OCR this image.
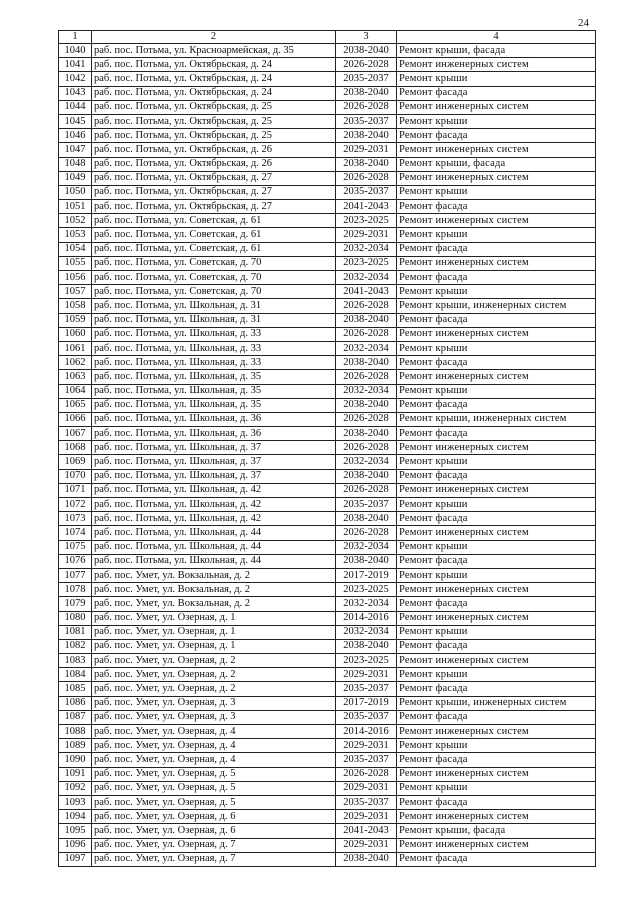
24
1	2	3	4
1040	раб. пос. Потьма, ул. Красноармейская, д. 35	2038-2040	Ремонт крыши, фасада
1041	раб. пос. Потьма, ул. Октябрьская, д. 24	2026-2028	Ремонт инженерных систем
1042	раб. пос. Потьма, ул. Октябрьская, д. 24	2035-2037	Ремонт крыши
1043	раб. пос. Потьма, ул. Октябрьская, д. 24	2038-2040	Ремонт фасада
1044	раб. пос. Потьма, ул. Октябрьская, д. 25	2026-2028	Ремонт инженерных систем
1045	раб. пос. Потьма, ул. Октябрьская, д. 25	2035-2037	Ремонт крыши
1046	раб. пос. Потьма, ул. Октябрьская, д. 25	2038-2040	Ремонт фасада
1047	раб. пос. Потьма, ул. Октябрьская, д. 26	2029-2031	Ремонт инженерных систем
1048	раб. пос. Потьма, ул. Октябрьская, д. 26	2038-2040	Ремонт крыши, фасада
1049	раб. пос. Потьма, ул. Октябрьская, д. 27	2026-2028	Ремонт инженерных систем
1050	раб. пос. Потьма, ул. Октябрьская, д. 27	2035-2037	Ремонт крыши
1051	раб. пос. Потьма, ул. Октябрьская, д. 27	2041-2043	Ремонт фасада
1052	раб. пос. Потьма, ул. Советская, д. 61	2023-2025	Ремонт инженерных систем
1053	раб. пос. Потьма, ул. Советская, д. 61	2029-2031	Ремонт крыши
1054	раб. пос. Потьма, ул. Советская, д. 61	2032-2034	Ремонт фасада
1055	раб. пос. Потьма, ул. Советская, д. 70	2023-2025	Ремонт инженерных систем
1056	раб. пос. Потьма, ул. Советская, д. 70	2032-2034	Ремонт фасада
1057	раб. пос. Потьма, ул. Советская, д. 70	2041-2043	Ремонт крыши
1058	раб. пос. Потьма, ул. Школьная, д. 31	2026-2028	Ремонт крыши, инженерных систем
1059	раб. пос. Потьма, ул. Школьная, д. 31	2038-2040	Ремонт фасада
1060	раб. пос. Потьма, ул. Школьная, д. 33	2026-2028	Ремонт инженерных систем
1061	раб. пос. Потьма, ул. Школьная, д. 33	2032-2034	Ремонт крыши
1062	раб. пос. Потьма, ул. Школьная, д. 33	2038-2040	Ремонт фасада
1063	раб. пос. Потьма, ул. Школьная, д. 35	2026-2028	Ремонт инженерных систем
1064	раб. пос. Потьма, ул. Школьная, д. 35	2032-2034	Ремонт крыши
1065	раб. пос. Потьма, ул. Школьная, д. 35	2038-2040	Ремонт фасада
1066	раб. пос. Потьма, ул. Школьная, д. 36	2026-2028	Ремонт крыши, инженерных систем
1067	раб. пос. Потьма, ул. Школьная, д. 36	2038-2040	Ремонт фасада
1068	раб. пос. Потьма, ул. Школьная, д. 37	2026-2028	Ремонт инженерных систем
1069	раб. пос. Потьма, ул. Школьная, д. 37	2032-2034	Ремонт крыши
1070	раб. пос. Потьма, ул. Школьная, д. 37	2038-2040	Ремонт фасада
1071	раб. пос. Потьма, ул. Школьная, д. 42	2026-2028	Ремонт инженерных систем
1072	раб. пос. Потьма, ул. Школьная, д. 42	2035-2037	Ремонт крыши
1073	раб. пос. Потьма, ул. Школьная, д. 42	2038-2040	Ремонт фасада
1074	раб. пос. Потьма, ул. Школьная, д. 44	2026-2028	Ремонт инженерных систем
1075	раб. пос. Потьма, ул. Школьная, д. 44	2032-2034	Ремонт крыши
1076	раб. пос. Потьма, ул. Школьная, д. 44	2038-2040	Ремонт фасада
1077	раб. пос. Умет, ул. Вокзальная, д. 2	2017-2019	Ремонт крыши
1078	раб. пос. Умет, ул. Вокзальная, д. 2	2023-2025	Ремонт инженерных систем
1079	раб. пос. Умет, ул. Вокзальная, д. 2	2032-2034	Ремонт фасада
1080	раб. пос. Умет, ул. Озерная, д. 1	2014-2016	Ремонт инженерных систем
1081	раб. пос. Умет, ул. Озерная, д. 1	2032-2034	Ремонт крыши
1082	раб. пос. Умет, ул. Озерная, д. 1	2038-2040	Ремонт фасада
1083	раб. пос. Умет, ул. Озерная, д. 2	2023-2025	Ремонт инженерных систем
1084	раб. пос. Умет, ул. Озерная, д. 2	2029-2031	Ремонт крыши
1085	раб. пос. Умет, ул. Озерная, д. 2	2035-2037	Ремонт фасада
1086	раб. пос. Умет, ул. Озерная, д. 3	2017-2019	Ремонт крыши, инженерных систем
1087	раб. пос. Умет, ул. Озерная, д. 3	2035-2037	Ремонт фасада
1088	раб. пос. Умет, ул. Озерная, д. 4	2014-2016	Ремонт инженерных систем
1089	раб. пос. Умет, ул. Озерная, д. 4	2029-2031	Ремонт крыши
1090	раб. пос. Умет, ул. Озерная, д. 4	2035-2037	Ремонт фасада
1091	раб. пос. Умет, ул. Озерная, д. 5	2026-2028	Ремонт инженерных систем
1092	раб. пос. Умет, ул. Озерная, д. 5	2029-2031	Ремонт крыши
1093	раб. пос. Умет, ул. Озерная, д. 5	2035-2037	Ремонт фасада
1094	раб. пос. Умет, ул. Озерная, д. 6	2029-2031	Ремонт инженерных систем
1095	раб. пос. Умет, ул. Озерная, д. 6	2041-2043	Ремонт крыши, фасада
1096	раб. пос. Умет, ул. Озерная, д. 7	2029-2031	Ремонт инженерных систем
1097	раб. пос. Умет, ул. Озерная, д. 7	2038-2040	Ремонт фасада
